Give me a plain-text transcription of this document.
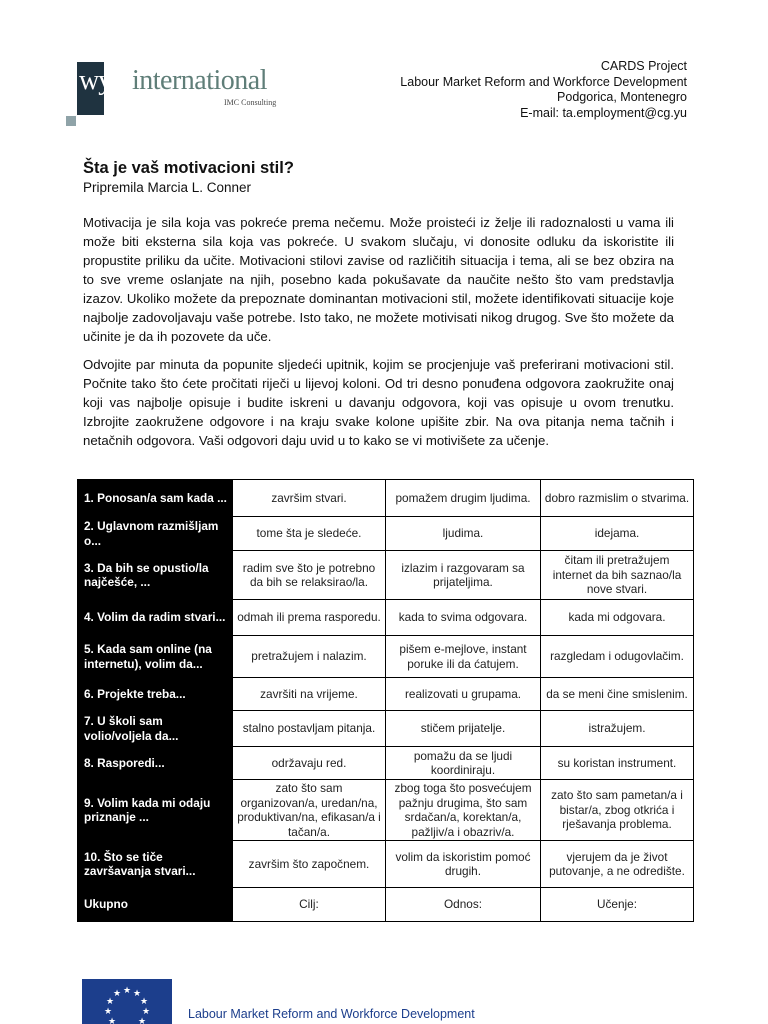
wyg international
IMC Consulting
CARDS Project
Labour Market Reform and Workforce Development
Podgorica, Montenegro
E-mail: ta.employment@cg.yu
Šta je vaš motivacioni stil?
Pripremila Marcia L. Conner

Motivacija je sila koja vas pokreće prema nečemu. Može proisteći iz želje ili radoznalosti u vama ili može biti eksterna sila koja vas pokreće. U svakom slučaju, vi donosite odluku da iskoristite ili propustite priliku da učite. Motivacioni stilovi zavise od različitih situacija i tema, ali se bez obzira na to sve vreme oslanjate na njih, posebno kada pokušavate da naučite nešto što vam predstavlja izazov. Ukoliko možete da prepoznate dominantan motivacioni stil, možete identifikovati situacije koje najbolje zadovoljavaju vaše potrebe. Isto tako, ne možete motivisati nikog drugog. Sve što možete da učinite je da ih pozovete da uče.

Odvojite par minuta da popunite sljedeći upitnik, kojim se procjenjuje vaš preferirani motivacioni stil. Počnite tako što ćete pročitati riječi u lijevoj koloni. Od tri desno ponuđena odgovora zaokružite onaj koji vas najbolje opisuje i budite iskreni u davanju odgovora, koji vas opisuje u ovom trenutku. Izbrojite zaokružene odgovore i na kraju svake kolone upišite zbir. Na ova pitanja nema tačnih i netačnih odgovora. Vaši odgovori daju uvid u to kako se vi motivišete za učenje.

1. Ponosan/a sam kada ...	završim stvari.	pomažem drugim ljudima.	dobro razmislim o stvarima.
2. Uglavnom razmišljam o...	tome šta je sledeće.	ljudima.	idejama.
3. Da bih se opustio/la najčešće, ...	radim sve što je potrebno da bih se relaksirao/la.	izlazim i razgovaram sa prijateljima.	čitam ili pretražujem internet da bih saznao/la nove stvari.
4. Volim da radim stvari...	odmah ili prema rasporedu.	kada to svima odgovara.	kada mi odgovara.
5. Kada sam online (na internetu), volim da...	pretražujem i nalazim.	pišem e-mejlove, instant poruke ili da ćatujem.	razgledam i odugovlačim.
6. Projekte treba...	završiti na vrijeme.	realizovati u grupama.	da se meni čine smislenim.
7. U školi sam volio/voljela da...	stalno postavljam pitanja.	stičem prijatelje.	istražujem.
8. Rasporedi...	održavaju red.	pomažu da se ljudi koordiniraju.	su koristan instrument.
9. Volim kada mi odaju priznanje ...	zato što sam organizovan/a, uredan/na, produktivan/na, efikasan/a i tačan/a.	zbog toga što posvećujem pažnju drugima, što sam srdačan/a, korektan/a, pažljiv/a i obazriv/a.	zato što sam pametan/a i bistar/a, zbog otkrića i rješavanja problema.
10. Što se tiče završavanja stvari...	završim što započnem.	volim da iskoristim pomoć drugih.	vjerujem da je život putovanje, a ne odredište.
Ukupno	Cilj:	Odnos:	Učenje:
★
★ ★
★	★
★	★
★ ★
Labour Market Reform and Workforce Development
